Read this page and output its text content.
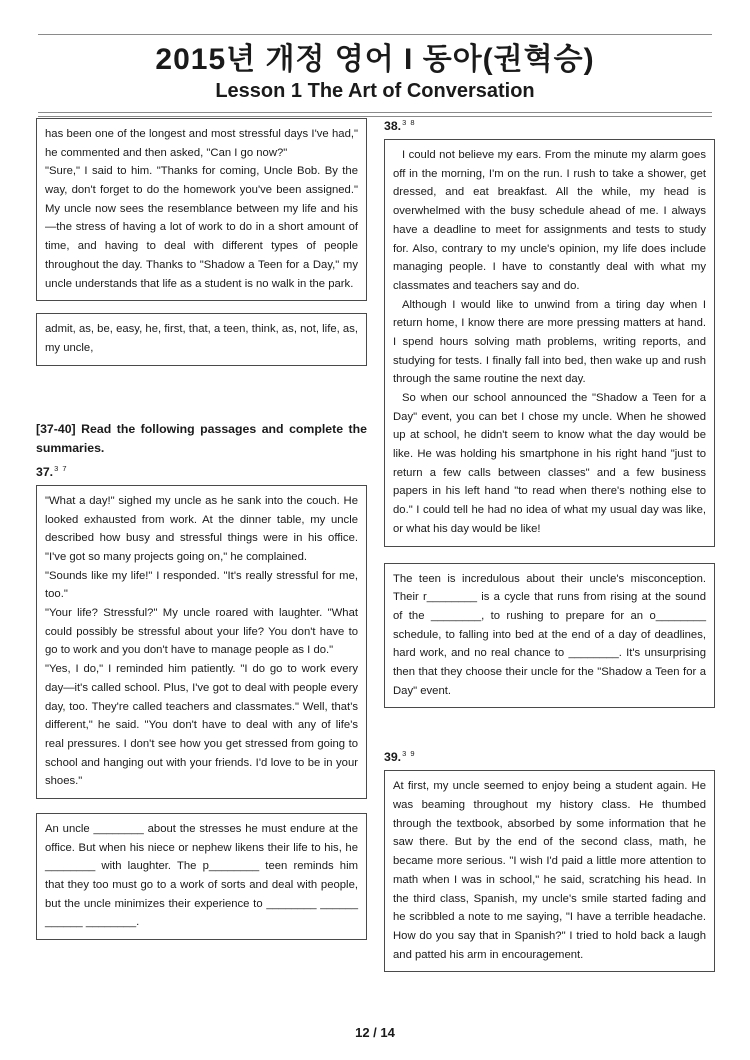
2015년 개정 영어 I 동아(권혁승)
Lesson 1 The Art of Conversation

has been one of the longest and most stressful days I've had," he commented and then asked, "Can I go now?"

"Sure," I said to him. "Thanks for coming, Uncle Bob. By the way, don't forget to do the homework you've been assigned." My uncle now sees the resemblance between my life and his—the stress of having a lot of work to do in a short amount of time, and having to deal with different types of people throughout the day. Thanks to "Shadow a Teen for a Day," my uncle understands that life as a student is no walk in the park.

admit, as, be, easy, he, first, that, a teen, think, as, not, life, as, my uncle,

[37-40] Read the following passages and complete the summaries.
37.$^{3 7}$

"What a day!" sighed my uncle as he sank into the couch. He looked exhausted from work. At the dinner table, my uncle described how busy and stressful things were in his office. "I've got so many projects going on," he complained.

"Sounds like my life!" I responded. "It's really stressful for me, too."

"Your life? Stressful?" My uncle roared with laughter. "What could possibly be stressful about your life? You don't have to go to work and you don't have to manage people as I do."

"Yes, I do," I reminded him patiently. "I do go to work every day—it's called school. Plus, I've got to deal with people every day, too. They're called teachers and classmates." Well, that's different," he said. "You don't have to deal with any of life's real pressures. I don't see how you get stressed from going to school and hanging out with your friends. I'd love to be in your shoes."

An uncle ________ about the stresses he must endure at the office. But when his niece or nephew likens their life to his, he ________ with laughter. The p________ teen reminds him that they too must go to a work of sorts and deal with people, but the uncle minimizes their experience to ________ ______ ______ ________.

38.$^{3 8}$

I could not believe my ears. From the minute my alarm goes off in the morning, I'm on the run. I rush to take a shower, get dressed, and eat breakfast. All the while, my head is overwhelmed with the busy schedule ahead of me. I always have a deadline to meet for assignments and tests to study for. Also, contrary to my uncle's opinion, my life does include managing people. I have to constantly deal with what my classmates and teachers say and do.

Although I would like to unwind from a tiring day when I return home, I know there are more pressing matters at hand. I spend hours solving math problems, writing reports, and studying for tests. I finally fall into bed, then wake up and rush through the same routine the next day.

So when our school announced the "Shadow a Teen for a Day" event, you can bet I chose my uncle. When he showed up at school, he didn't seem to know what the day would be like. He was holding his smartphone in his right hand "just to return a few calls between classes" and a few business papers in his left hand "to read when there's nothing else to do." I could tell he had no idea of what my usual day was like, or what his day would be like!

The teen is incredulous about their uncle's misconception. Their r________ is a cycle that runs from rising at the sound of the ________, to rushing to prepare for an o________ schedule, to falling into bed at the end of a day of deadlines, hard work, and no real chance to ________. It's unsurprising then that they choose their uncle for the "Shadow a Teen for a Day" event.

39.$^{3 9}$

At first, my uncle seemed to enjoy being a student again. He was beaming throughout my history class. He thumbed through the textbook, absorbed by some information that he saw there. But by the end of the second class, math, he became more serious. "I wish I'd paid a little more attention to math when I was in school," he said, scratching his head. In the third class, Spanish, my uncle's smile started fading and he scribbled a note to me saying, "I have a terrible headache. How do you say that in Spanish?" I tried to hold back a laugh and patted his arm in encouragement.

12 / 14
